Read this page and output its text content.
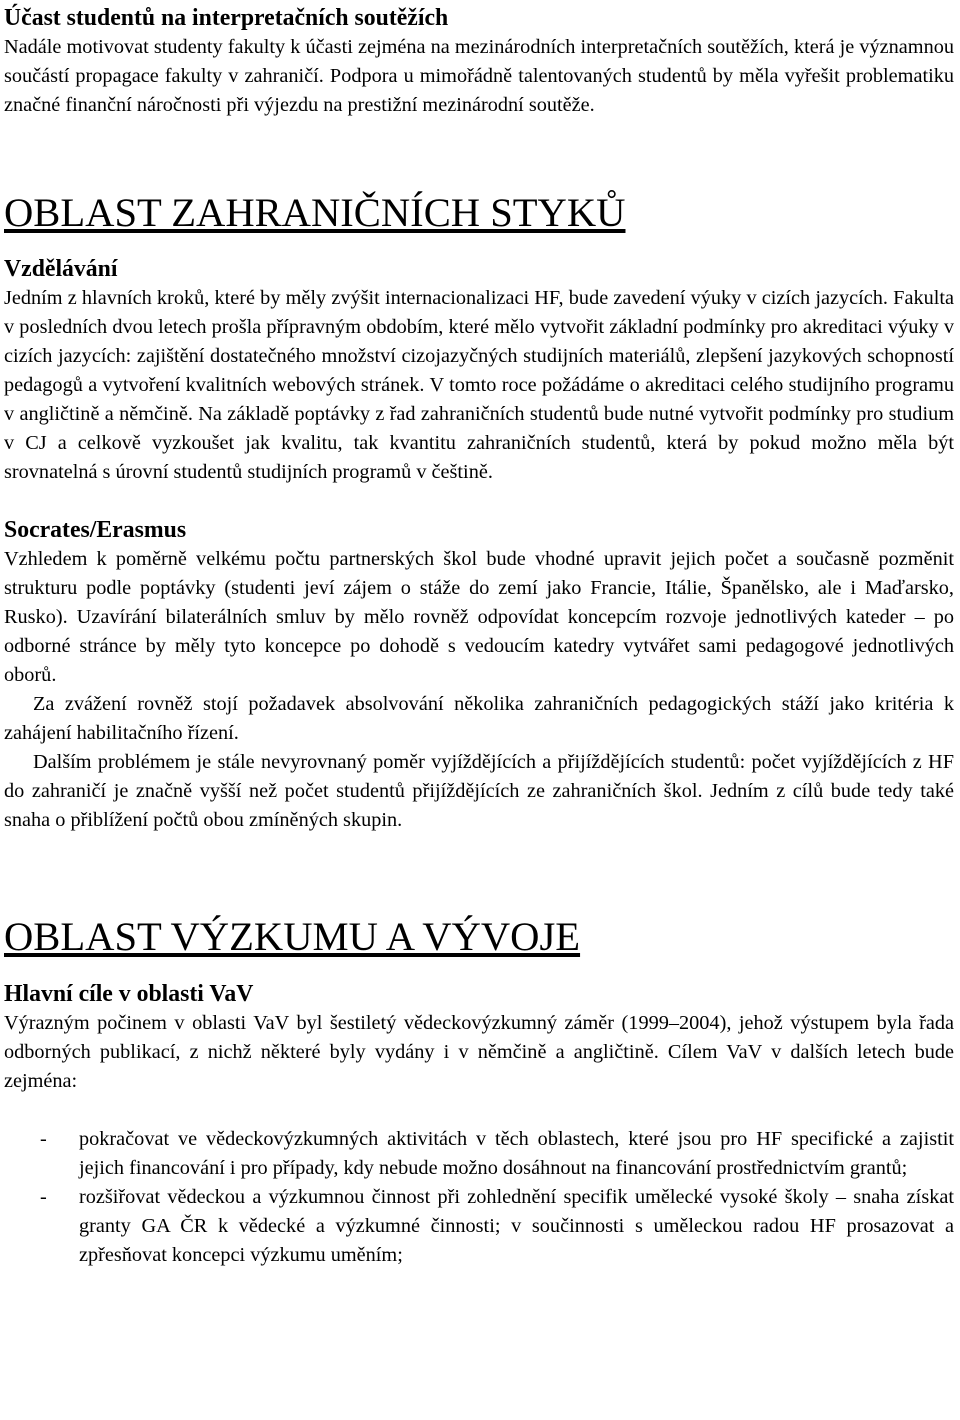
Účast studentů na interpretačních soutěžích

Nadále motivovat studenty fakulty k účasti zejména na mezinárodních interpretačních soutěžích, která je významnou součástí propagace fakulty v zahraničí. Podpora u mimořádně talentovaných studentů by měla vyřešit problematiku značné finanční náročnosti při výjezdu na prestižní mezinárodní soutěže.

OBLAST ZAHRANIČNÍCH STYKŮ
Vzdělávání

Jedním z hlavních kroků, které by měly zvýšit internacionalizaci HF, bude zavedení výuky v cizích jazycích. Fakulta v posledních dvou letech prošla přípravným obdobím, které mělo vytvořit základní podmínky pro akreditaci výuky v cizích jazycích: zajištění dostatečného množství cizojazyčných studijních materiálů, zlepšení jazykových schopností pedagogů a vytvoření kvalitních webových stránek. V tomto roce požádáme o akreditaci celého studijního programu v angličtině a němčině. Na základě poptávky z řad zahraničních studentů bude nutné vytvořit podmínky pro studium v CJ a celkově vyzkoušet jak kvalitu, tak kvantitu zahraničních studentů, která by pokud možno měla být srovnatelná s úrovní studentů studijních programů v češtině.

Socrates/Erasmus

Vzhledem k poměrně velkému počtu partnerských škol bude vhodné upravit jejich počet a současně pozměnit strukturu podle poptávky (studenti jeví zájem o stáže do zemí jako Francie, Itálie, Španělsko, ale i Maďarsko, Rusko). Uzavírání bilaterálních smluv by mělo rovněž odpovídat koncepcím rozvoje jednotlivých kateder – po odborné stránce by měly tyto koncepce po dohodě s vedoucím katedry vytvářet sami pedagogové jednotlivých oborů.

Za zvážení rovněž stojí požadavek absolvování několika zahraničních pedagogických stáží jako kritéria k zahájení habilitačního řízení.

Dalším problémem je stále nevyrovnaný poměr vyjíždějících a přijíždějících studentů: počet vyjíždějících z HF do zahraničí je značně vyšší než počet studentů přijíždějících ze zahraničních škol. Jedním z cílů bude tedy také snaha o přiblížení počtů obou zmíněných skupin.

OBLAST VÝZKUMU A VÝVOJE
Hlavní cíle v oblasti VaV

Výrazným počinem v oblasti VaV byl šestiletý vědeckovýzkumný záměr (1999–2004), jehož výstupem byla řada odborných publikací, z nichž některé byly vydány i v němčině a angličtině. Cílem VaV v dalších letech bude zejména:

- pokračovat ve vědeckovýzkumných aktivitách v těch oblastech, které jsou pro HF specifické a zajistit jejich financování i pro případy, kdy nebude možno dosáhnout na financování prostřednictvím grantů;
- rozšiřovat vědeckou a výzkumnou činnost při zohlednění specifik umělecké vysoké školy – snaha získat granty GA ČR k vědecké a výzkumné činnosti; v součinnosti s uměleckou radou HF prosazovat a zpřesňovat koncepci výzkumu uměním;
